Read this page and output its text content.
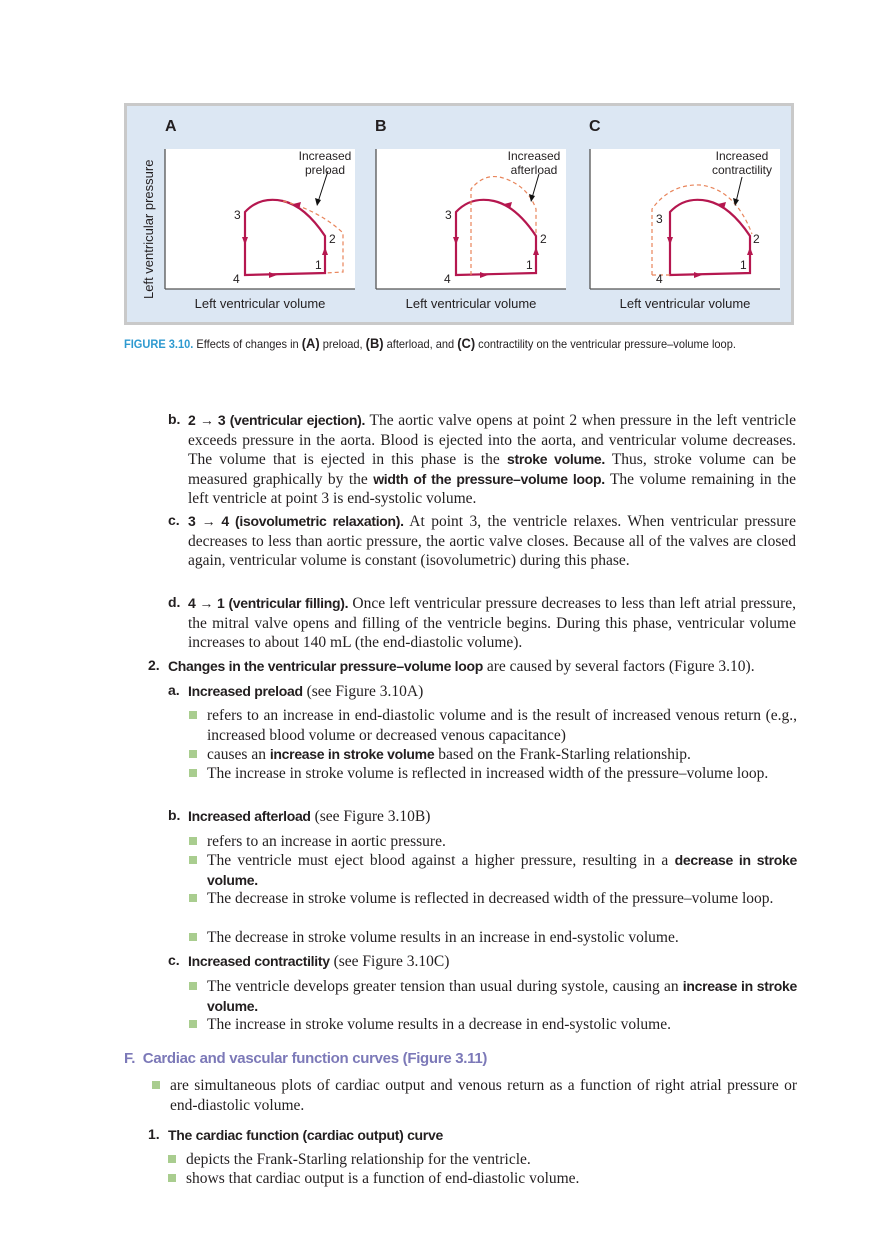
Left ventricular pressure
A
3
2
1
4
Increased
preload
Left ventricular volume
B
3
2
1
4
Increased
afterload
Left ventricular volume
C
3
2
1
4
Increased
contractility
Left ventricular volume
FIGURE 3.10. Effects of changes in (A) preload, (B) afterload, and (C) contractility on the ventricular pressure–volume loop.
b. 2 → 3 (ventricular ejection). The aortic valve opens at point 2 when pressure in the left ventricle exceeds pressure in the aorta. Blood is ejected into the aorta, and ventricular volume decreases. The volume that is ejected in this phase is the stroke volume. Thus, stroke volume can be measured graphically by the width of the pressure–volume loop. The volume remaining in the left ventricle at point 3 is end-systolic volume.
c. 3 → 4 (isovolumetric relaxation). At point 3, the ventricle relaxes. When ventricular pressure decreases to less than aortic pressure, the aortic valve closes. Because all of the valves are closed again, ventricular volume is constant (isovolumetric) during this phase.
d. 4 → 1 (ventricular filling). Once left ventricular pressure decreases to less than left atrial pressure, the mitral valve opens and filling of the ventricle begins. During this phase, ventricular volume increases to about 140 mL (the end-diastolic volume).
2. Changes in the ventricular pressure–volume loop are caused by several factors (Figure 3.10).
a. Increased preload (see Figure 3.10A)
refers to an increase in end-diastolic volume and is the result of increased venous return (e.g., increased blood volume or decreased venous capacitance)
causes an increase in stroke volume based on the Frank-Starling relationship.
The increase in stroke volume is reflected in increased width of the pressure–volume loop.
b. Increased afterload (see Figure 3.10B)
refers to an increase in aortic pressure.
The ventricle must eject blood against a higher pressure, resulting in a decrease in stroke volume.
The decrease in stroke volume is reflected in decreased width of the pressure–volume loop.
The decrease in stroke volume results in an increase in end-systolic volume.
c. Increased contractility (see Figure 3.10C)
The ventricle develops greater tension than usual during systole, causing an increase in stroke volume.
The increase in stroke volume results in a decrease in end-systolic volume.
F.  Cardiac and vascular function curves (Figure 3.11)
are simultaneous plots of cardiac output and venous return as a function of right atrial pressure or end-diastolic volume.
1. The cardiac function (cardiac output) curve
depicts the Frank-Starling relationship for the ventricle.
shows that cardiac output is a function of end-diastolic volume.
